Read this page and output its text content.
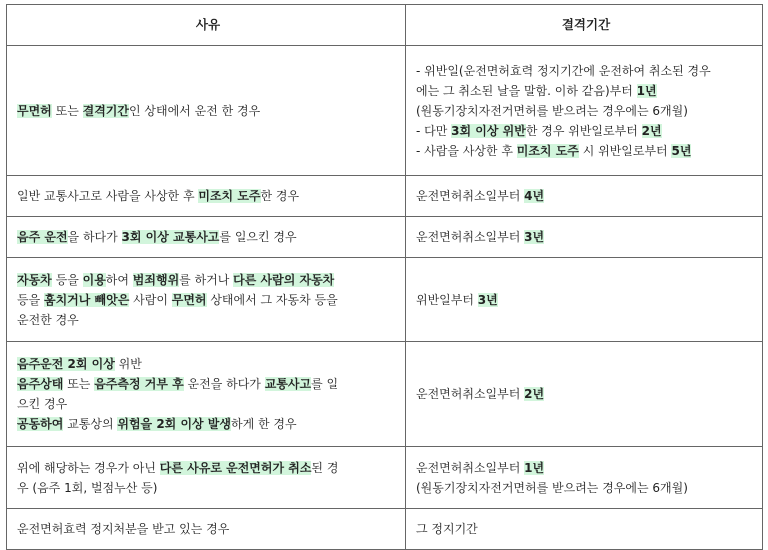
사유	결격기간

무면허 또는 결격기간인 상태에서 운전 한 경우	- 위반일(운전면허효력 정지기간에 운전하여 취소된 경우
에는 그 취소된 날을 말함. 이하 같음)부터 1년
(원동기장치자전거면허를 받으려는 경우에는 6개월)
- 다만 3회 이상 위반한 경우 위반일로부터 2년
- 사람을 사상한 후 미조치 도주 시 위반일로부터 5년

일반 교통사고로 사람을 사상한 후 미조치 도주한 경우	운전면허취소일부터 4년

음주 운전을 하다가 3회 이상 교통사고를 일으킨 경우	운전면허취소일부터 3년

자동차 등을 이용하여 범죄행위를 하거나 다른 사람의 자동차
등을 훔치거나 빼앗은 사람이 무면허 상태에서 그 자동차 등을
운전한 경우	위반일부터 3년

음주운전 2회 이상 위반
음주상태 또는 음주측정 거부 후 운전을 하다가 교통사고를 일
으킨 경우
공동하여 교통상의 위험을 2회 이상 발생하게 한 경우	운전면허취소일부터 2년

위에 해당하는 경우가 아닌 다른 사유로 운전면허가 취소된 경
우 (음주 1회, 벌점누산 등)	운전면허취소일부터 1년
(원동기장치자전거면허를 받으려는 경우에는 6개월)

운전면허효력 정지처분을 받고 있는 경우	그 정지기간
